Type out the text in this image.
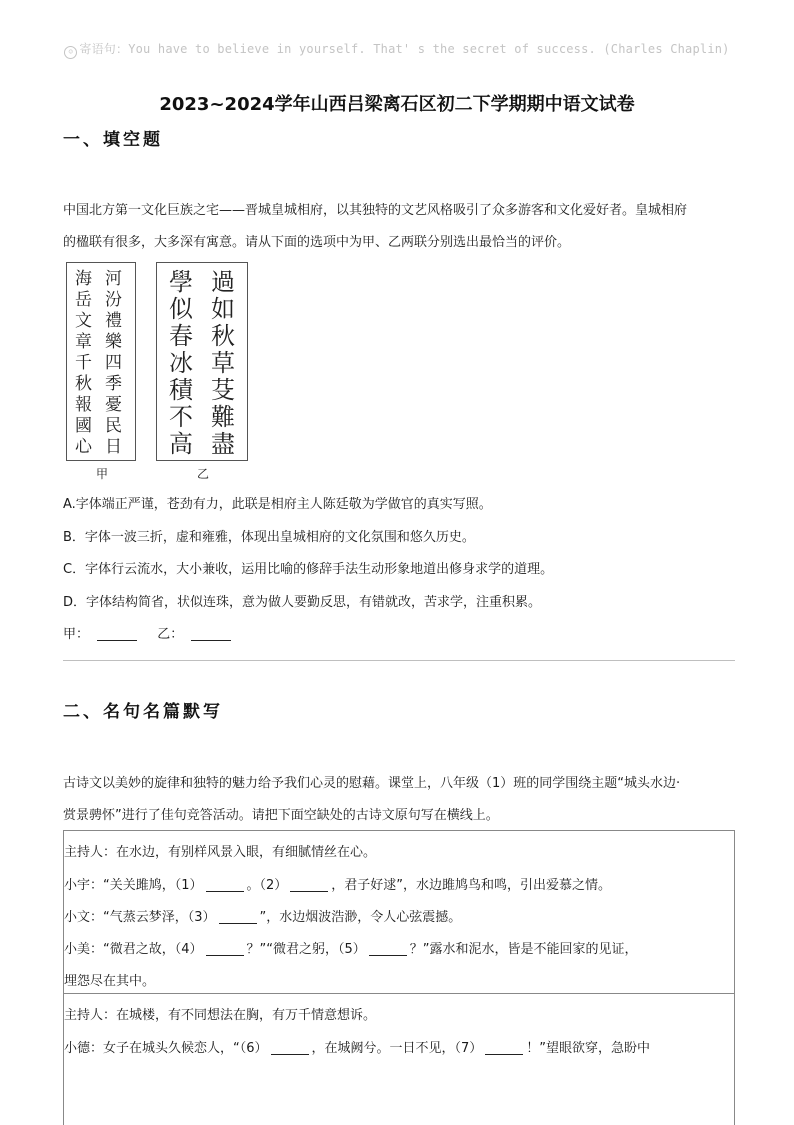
☺ 寄语句：You have to believe in yourself. That' s the secret of success. (Charles Chaplin)
2023~2024学年山西吕梁离石区初二下学期期中语文试卷
一、填空题
中国北方第一文化巨族之宅——晋城皇城相府，以其独特的文艺风格吸引了众多游客和文化爱好者。皇城相府
的楹联有很多，大多深有寓意。请从下面的选项中为甲、乙两联分别选出最恰当的评价。
河
汾
禮
樂
四
季
憂
民
日
海
岳
文
章
千
秋
報
國
心
甲
過
如
秋
草
芟
難
盡
學
似
春
冰
積
不
高
乙
A.字体端正严谨，苍劲有力，此联是相府主人陈廷敬为学做官的真实写照。
B．字体一波三折，虚和雍雅，体现出皇城相府的文化氛围和悠久历史。
C．字体行云流水，大小兼收，运用比喻的修辞手法生动形象地道出修身求学的道理。
D．字体结构简省，状似连珠，意为做人要勤反思，有错就改，苦求学，注重积累。
甲：	乙：
二、名句名篇默写
古诗文以美妙的旋律和独特的魅力给予我们心灵的慰藉。课堂上，八年级（1）班的同学围绕主题“城头水边·
赏景骋怀”进行了佳句竞答活动。请把下面空缺处的古诗文原句写在横线上。
主持人：在水边，有别样风景入眼，有细腻情丝在心。
小宇：“关关雎鸠，（1）	。（2）	，君子好逑”，水边雎鸠鸟和鸣，引出爱慕之情。
小文：“气蒸云梦泽，（3）	”，水边烟波浩渺，令人心弦震撼。
小美：“微君之故，（4）	？”“微君之躬，（5）	？”露水和泥水，皆是不能回家的见证，
埋怨尽在其中。
主持人：在城楼，有不同想法在胸，有万千情意想诉。
小德：女子在城头久候恋人，“（6）	，在城阙兮。一日不见，（7）	！”望眼欲穿，急盼中
